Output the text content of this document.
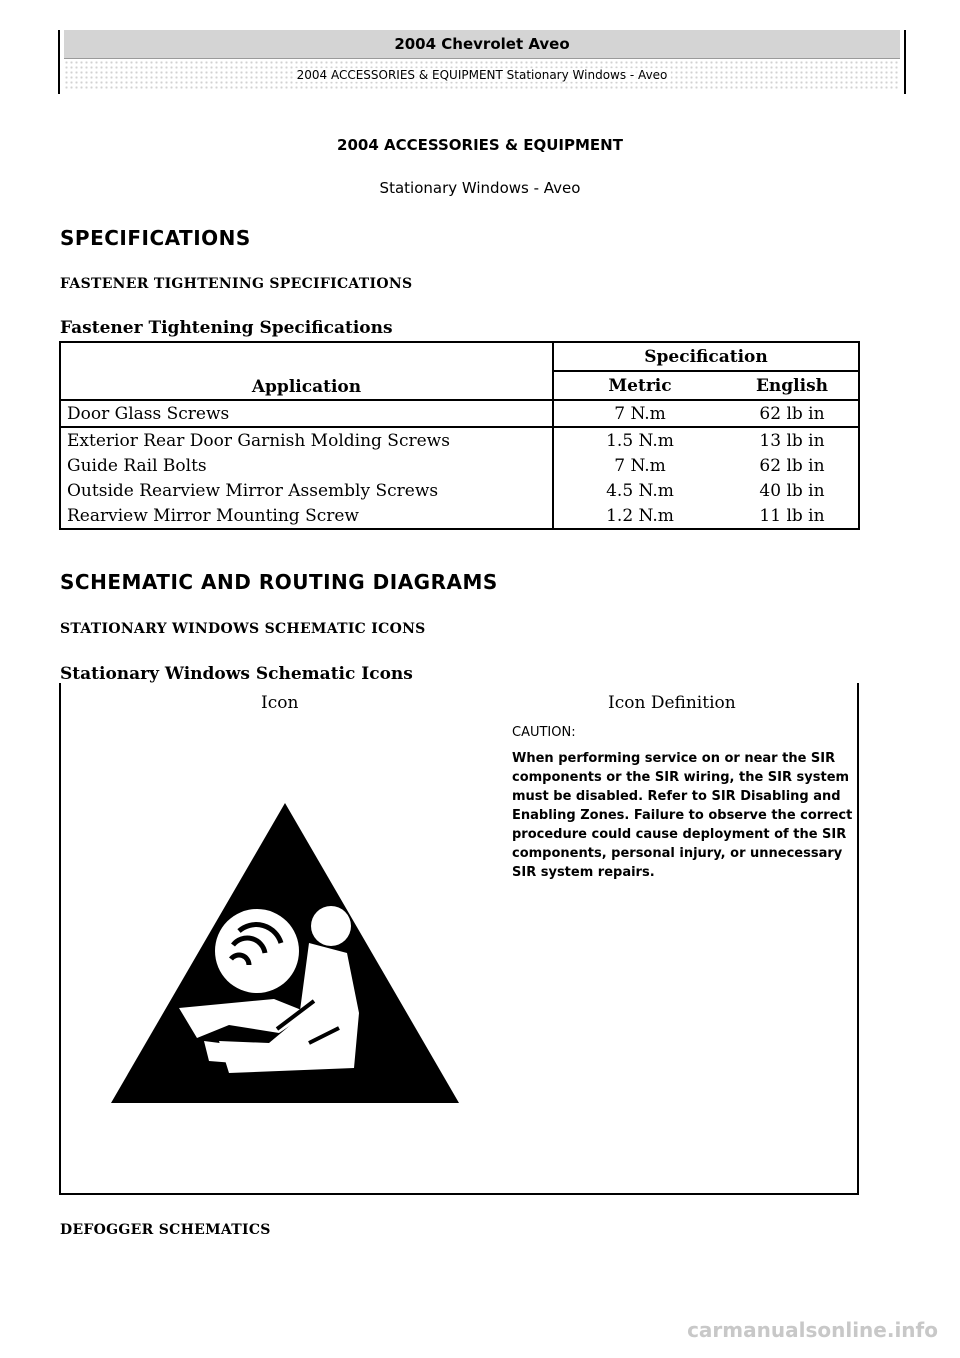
2004 Chevrolet Aveo
2004 ACCESSORIES & EQUIPMENT Stationary Windows - Aveo
2004 ACCESSORIES & EQUIPMENT
Stationary Windows - Aveo
SPECIFICATIONS
FASTENER TIGHTENING SPECIFICATIONS
Fastener Tightening Specifications
Application	Specification	
	Metric	English
Door Glass Screws	7 N.m	62 lb in
Exterior Rear Door Garnish Molding Screws	1.5 N.m	13 lb in
Guide Rail Bolts	7 N.m	62 lb in
Outside Rearview Mirror Assembly Screws	4.5 N.m	40 lb in
Rearview Mirror Mounting Screw	1.2 N.m	11 lb in
SCHEMATIC AND ROUTING DIAGRAMS
STATIONARY WINDOWS SCHEMATIC ICONS
Stationary Windows Schematic Icons
Icon	Icon Definition
CAUTION:
When performing service on or near the SIR components or the SIR wiring, the SIR system must be disabled. Refer to SIR Disabling and Enabling Zones. Failure to observe the correct procedure could cause deployment of the SIR components, personal injury, or unnecessary SIR system repairs.
DEFOGGER SCHEMATICS
carmanualsonline.info
